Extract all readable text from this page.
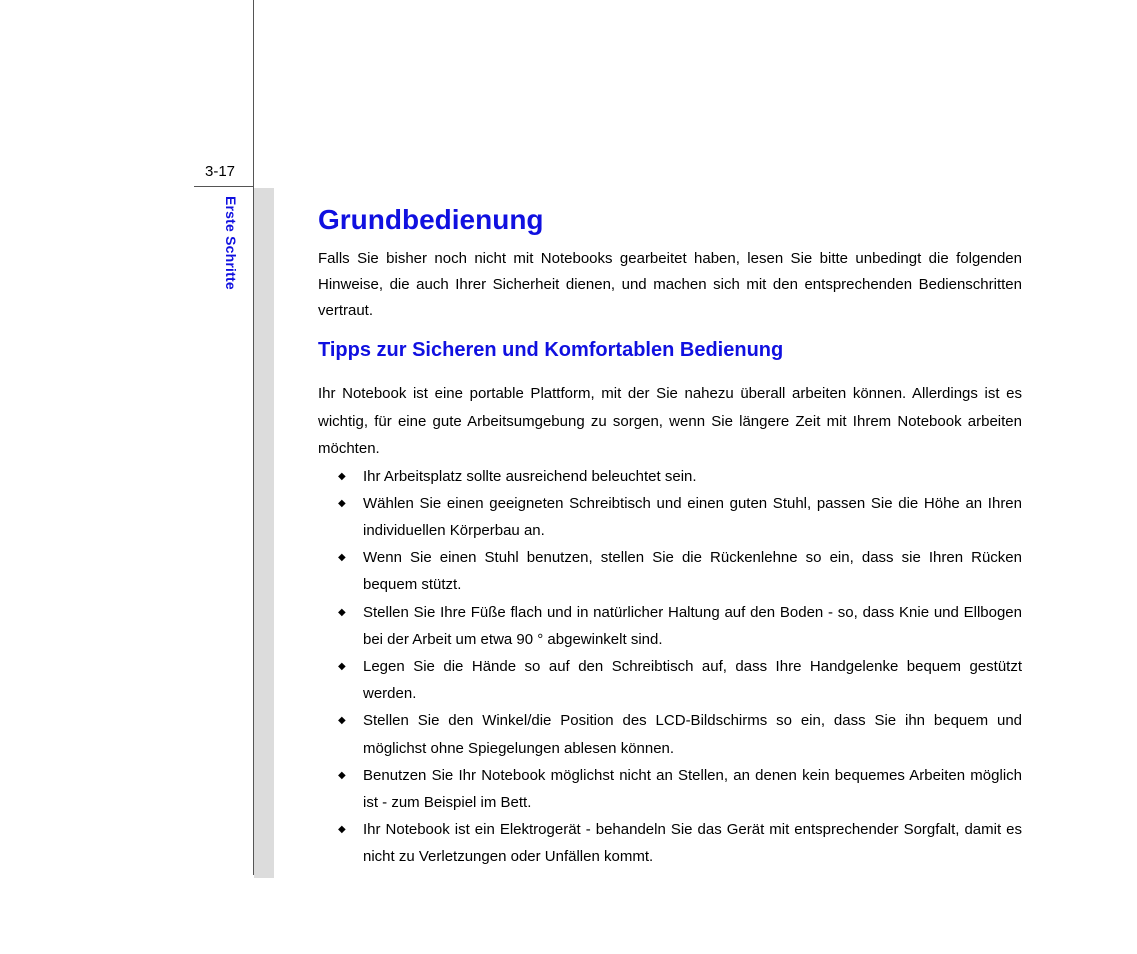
3-17
Erste Schritte	Grundbedienung

Falls Sie bisher noch nicht mit Notebooks gearbeitet haben, lesen Sie bitte unbedingt die folgenden Hinweise, die auch Ihrer Sicherheit dienen, und machen sich mit den entsprechenden Bedienschritten vertraut.

Tipps zur Sicheren und Komfortablen Bedienung

Ihr Notebook ist eine portable Plattform, mit der Sie nahezu überall arbeiten können. Allerdings ist es wichtig, für eine gute Arbeitsumgebung zu sorgen, wenn Sie längere Zeit mit Ihrem Notebook arbeiten möchten.

◆ Ihr Arbeitsplatz sollte ausreichend beleuchtet sein.
◆ Wählen Sie einen geeigneten Schreibtisch und einen guten Stuhl, passen Sie die Höhe an Ihren individuellen Körperbau an.
◆ Wenn Sie einen Stuhl benutzen, stellen Sie die Rückenlehne so ein, dass sie Ihren Rücken bequem stützt.
◆ Stellen Sie Ihre Füße flach und in natürlicher Haltung auf den Boden - so, dass Knie und Ellbogen bei der Arbeit um etwa 90 ° abgewinkelt sind.
◆ Legen Sie die Hände so auf den Schreibtisch auf, dass Ihre Handgelenke bequem gestützt werden.
◆ Stellen Sie den Winkel/die Position des LCD-Bildschirms so ein, dass Sie ihn bequem und möglichst ohne Spiegelungen ablesen können.
◆ Benutzen Sie Ihr Notebook möglichst nicht an Stellen, an denen kein bequemes Arbeiten möglich ist - zum Beispiel im Bett.
◆ Ihr Notebook ist ein Elektrogerät - behandeln Sie das Gerät mit entsprechender Sorgfalt, damit es nicht zu Verletzungen oder Unfällen kommt.
